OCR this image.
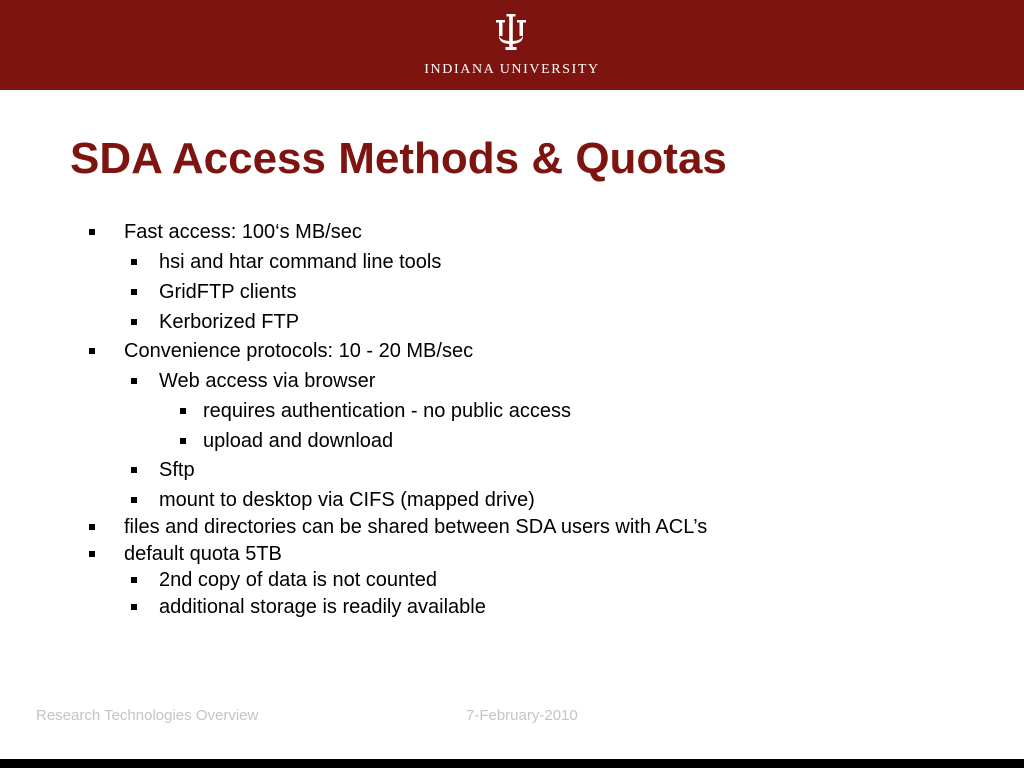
INDIANA UNIVERSITY
SDA Access Methods & Quotas
Fast access: 100‘s MB/sec
hsi and htar command line tools
GridFTP clients
Kerborized FTP
Convenience protocols: 10 - 20 MB/sec
Web access via browser
requires authentication - no public access
upload and download
Sftp
mount to desktop via CIFS (mapped drive)
files and directories can be shared between SDA users with ACL’s
default quota 5TB
2nd copy of data is not counted
additional storage is readily available
Research Technologies Overview	7-February-2010
